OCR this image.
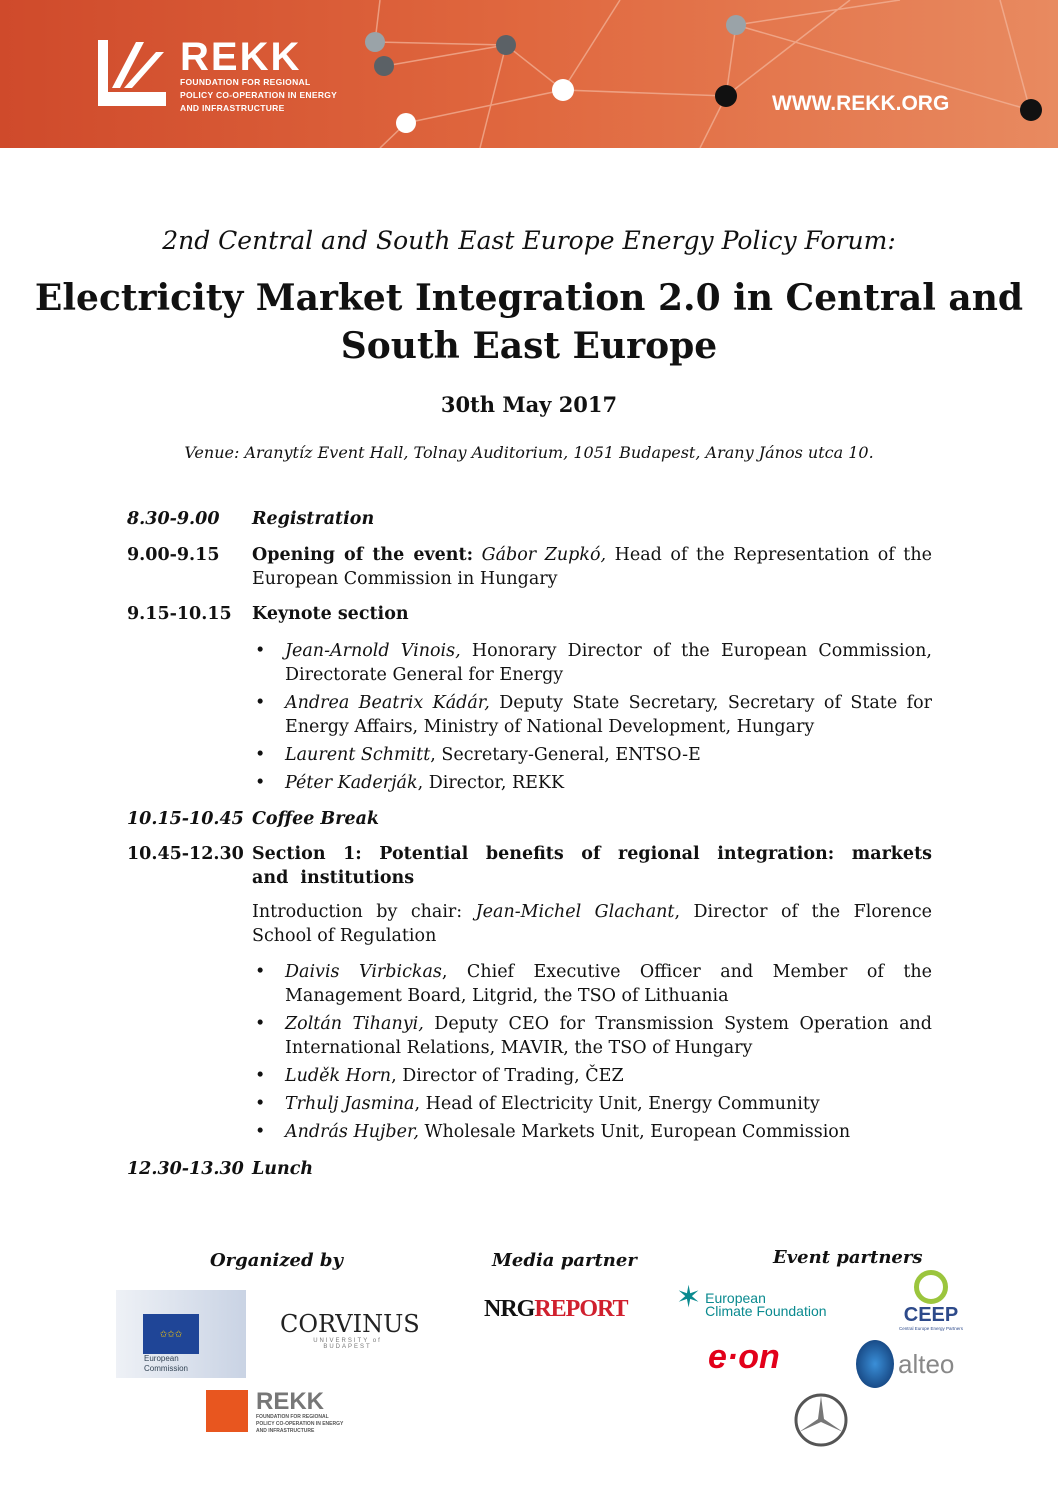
REKK
FOUNDATION FOR REGIONAL
POLICY CO-OPERATION IN ENERGY
AND INFRASTRUCTURE	WWW.REKK.ORG
2nd Central and South East Europe Energy Policy Forum:
Electricity Market Integration 2.0 in Central and
South East Europe
30th May 2017
Venue: Aranytíz Event Hall, Tolnay Auditorium, 1051 Budapest, Arany János utca 10.
8.30-9.00 Registration
9.00-9.15 Opening of the event: Gábor Zupkó, Head of the Representation of the European Commission in Hungary
9.15-10.15 Keynote section
• Jean-Arnold Vinois, Honorary Director of the European Commission, Directorate General for Energy
• Andrea Beatrix Kádár, Deputy State Secretary, Secretary of State for Energy Affairs, Ministry of National Development, Hungary
• Laurent Schmitt, Secretary-General, ENTSO-E
• Péter Kaderják, Director, REKK
10.15-10.45 Coffee Break
10.45-12.30 Section 1: Potential benefits of regional integration: markets and institutions
Introduction by chair: Jean-Michel Glachant, Director of the Florence School of Regulation
• Daivis Virbickas, Chief Executive Officer and Member of the Management Board, Litgrid, the TSO of Lithuania
• Zoltán Tihanyi, Deputy CEO for Transmission System Operation and International Relations, MAVIR, the TSO of Hungary
• Luděk Horn, Director of Trading, ČEZ
• Trhulj Jasmina, Head of Electricity Unit, Energy Community
• András Hujber, Wholesale Markets Unit, European Commission
12.30-13.30 Lunch
Organized by	Media partner	Event partners
✩✩✩
European
Commission
CORVINUS
UNIVERSITY of
BUDAPEST
REKK
FOUNDATION FOR REGIONAL
POLICY CO-OPERATION IN ENERGY
AND INFRASTRUCTURE
NRGREPORT ✶ European
Climate Foundation	CEEP
Central Europe Energy Partners
e·on	alteo
